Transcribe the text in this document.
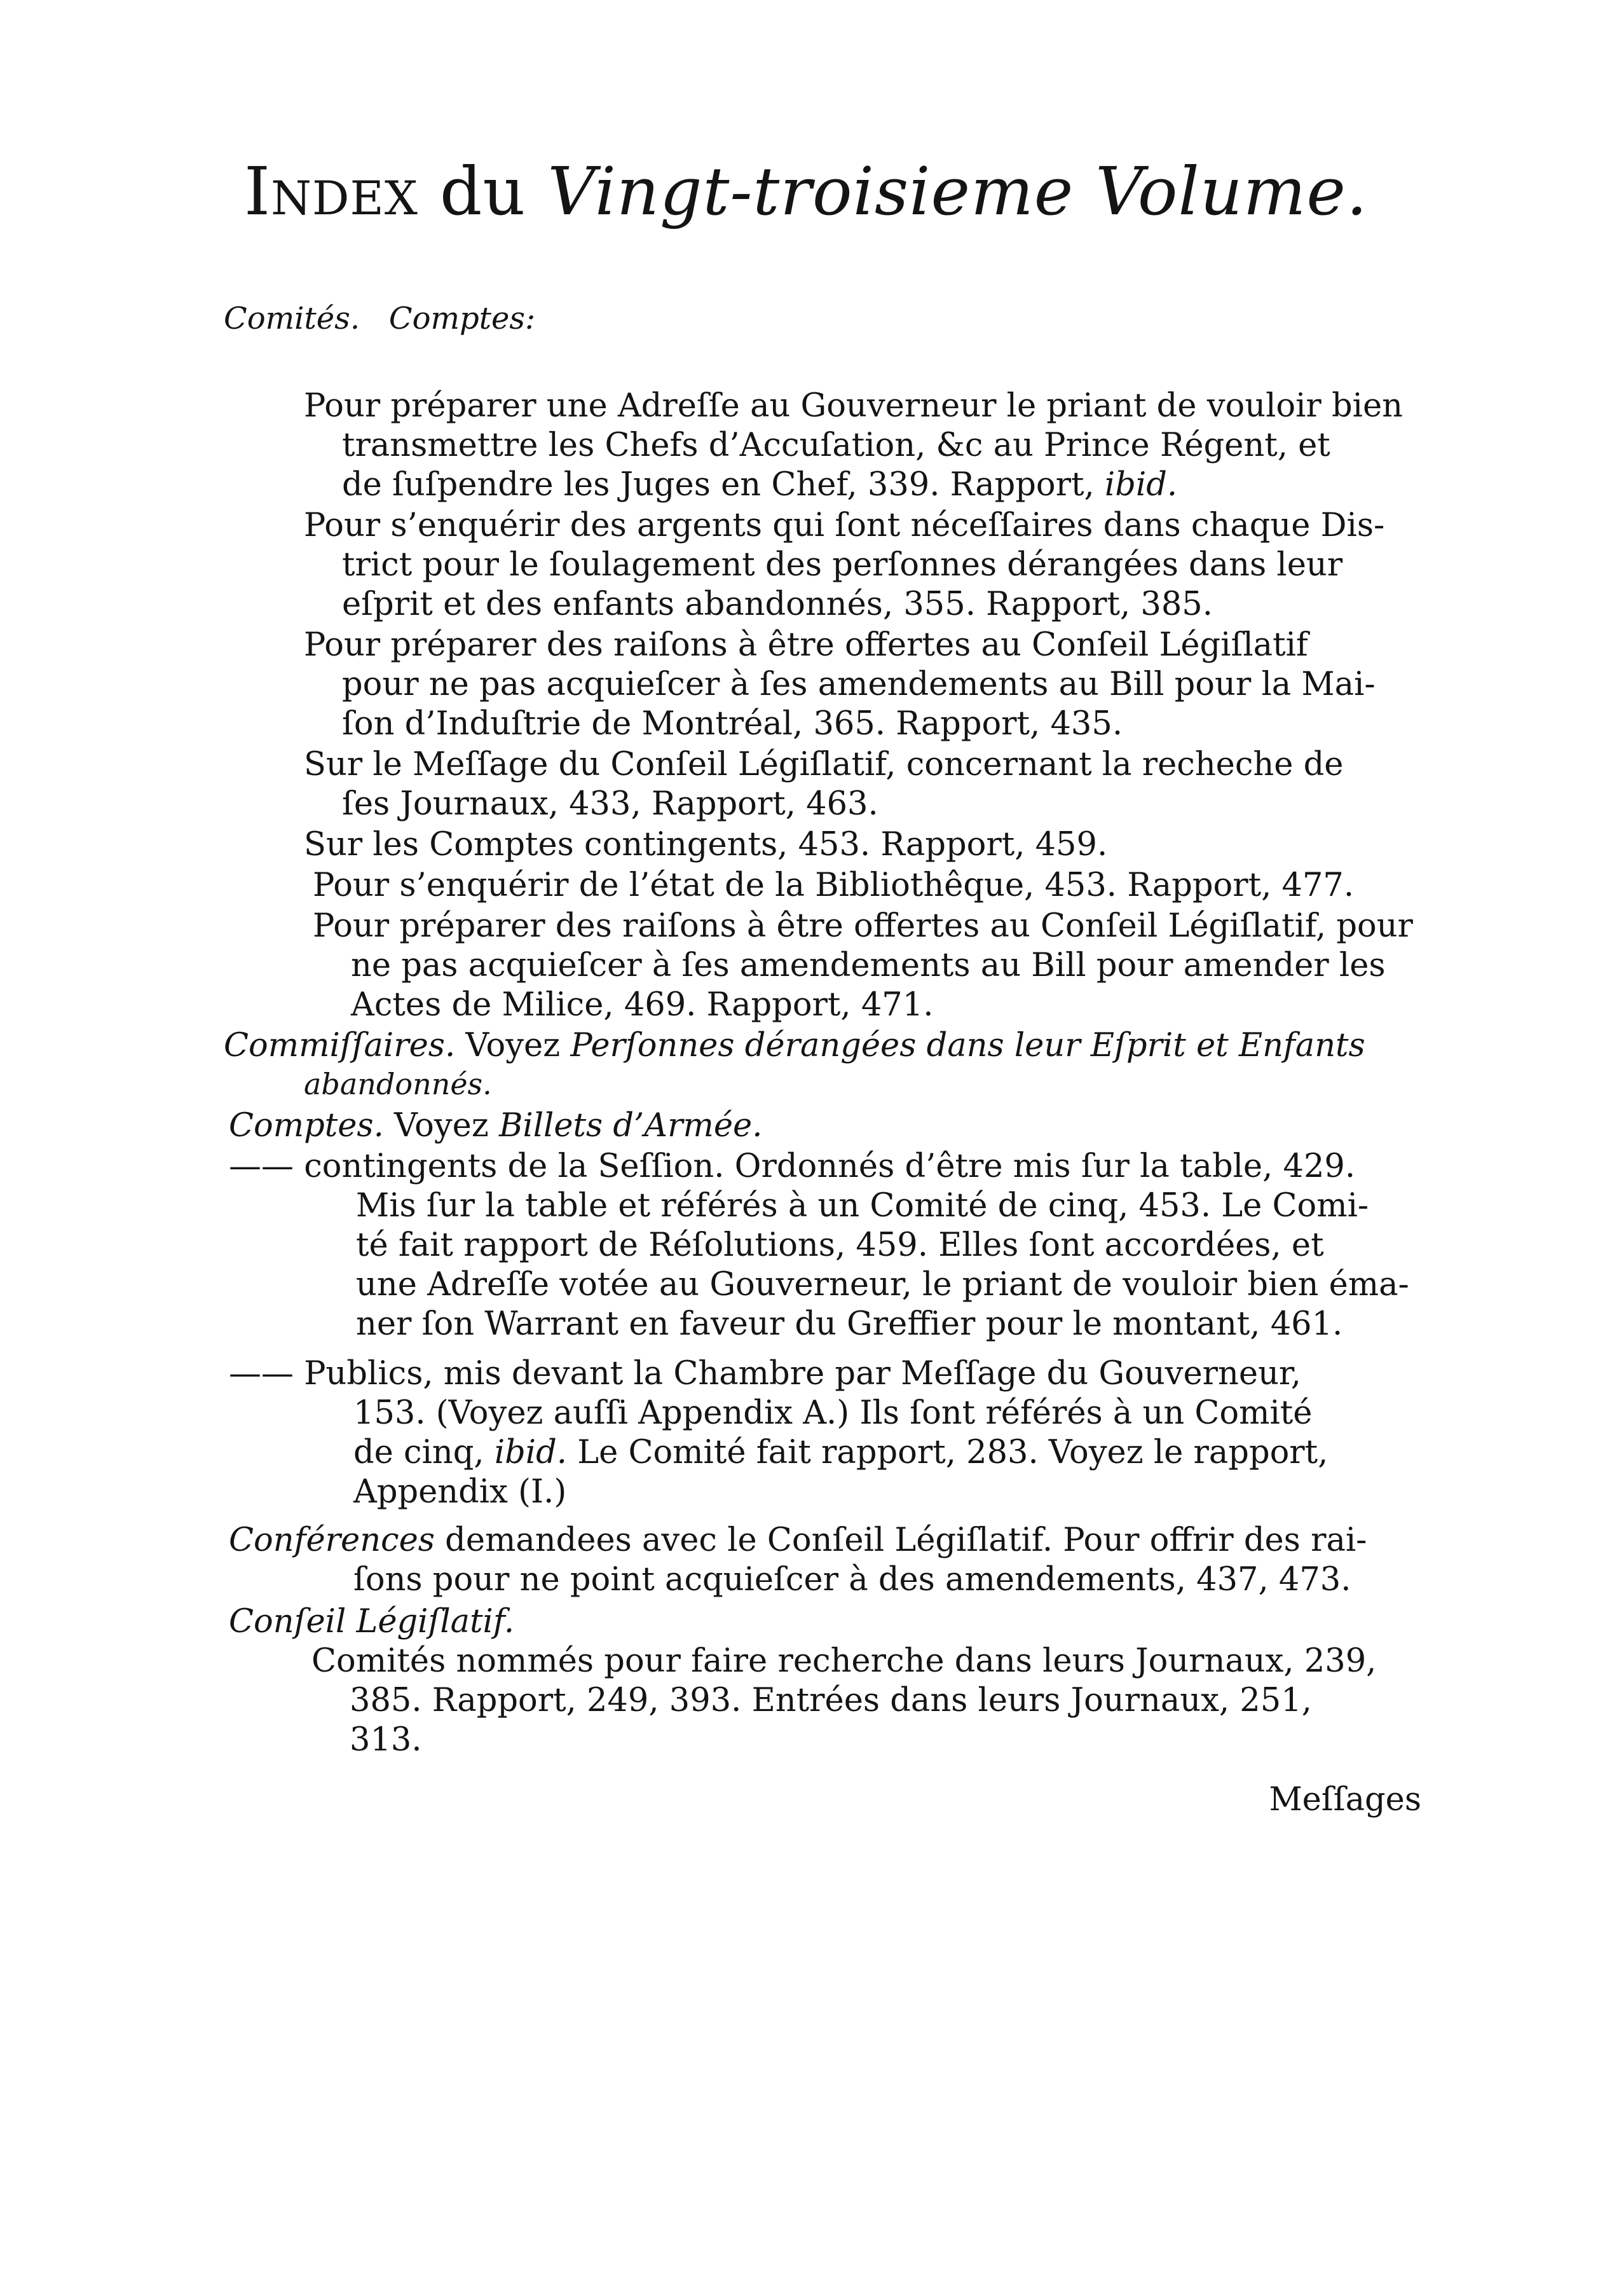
Index du Vingt-troisieme Volume.
Comités. Comptes:
Pour préparer une Adreſſe au Gouverneur le priant de vouloir bien
transmettre les Chefs d’Accuſation, &c au Prince Régent, et
de ſuſpendre les Juges en Chef, 339. Rapport, ibid.
Pour s’enquérir des argents qui ſont néceſſaires dans chaque Dis-
trict pour le ſoulagement des perſonnes dérangées dans leur
eſprit et des enfants abandonnés, 355. Rapport, 385.
Pour préparer des raiſons à être offertes au Conſeil Légiſlatif
pour ne pas acquieſcer à ſes amendements au Bill pour la Mai-
ſon d’Induſtrie de Montréal, 365. Rapport, 435.
Sur le Meſſage du Conſeil Légiſlatif, concernant la recheche de
ſes Journaux, 433, Rapport, 463.
Sur les Comptes contingents, 453. Rapport, 459.
Pour s’enquérir de l’état de la Bibliothêque, 453. Rapport, 477.
Pour préparer des raiſons à être offertes au Conſeil Légiſlatif, pour
ne pas acquieſcer à ſes amendements au Bill pour amender les
Actes de Milice, 469. Rapport, 471.
Commiſſaires. Voyez Perſonnes dérangées dans leur Eſprit et Enfants
abandonnés.
Comptes. Voyez Billets d’Armée.
—— contingents de la Seſſion. Ordonnés d’être mis ſur la table, 429.
Mis ſur la table et référés à un Comité de cinq, 453. Le Comi-
té fait rapport de Réſolutions, 459. Elles ſont accordées, et
une Adreſſe votée au Gouverneur, le priant de vouloir bien éma-
ner ſon Warrant en faveur du Greffier pour le montant, 461.
—— Publics, mis devant la Chambre par Meſſage du Gouverneur,
153. (Voyez auſſi Appendix A.) Ils ſont référés à un Comité
de cinq, ibid. Le Comité fait rapport, 283. Voyez le rapport,
Appendix (I.)
Conférences demandees avec le Conſeil Légiſlatif. Pour offrir des rai-
ſons pour ne point acquieſcer à des amendements, 437, 473.
Conſeil Légiſlatif.
Comités nommés pour faire recherche dans leurs Journaux, 239,
385. Rapport, 249, 393. Entrées dans leurs Journaux, 251,
313.
Meſſages
